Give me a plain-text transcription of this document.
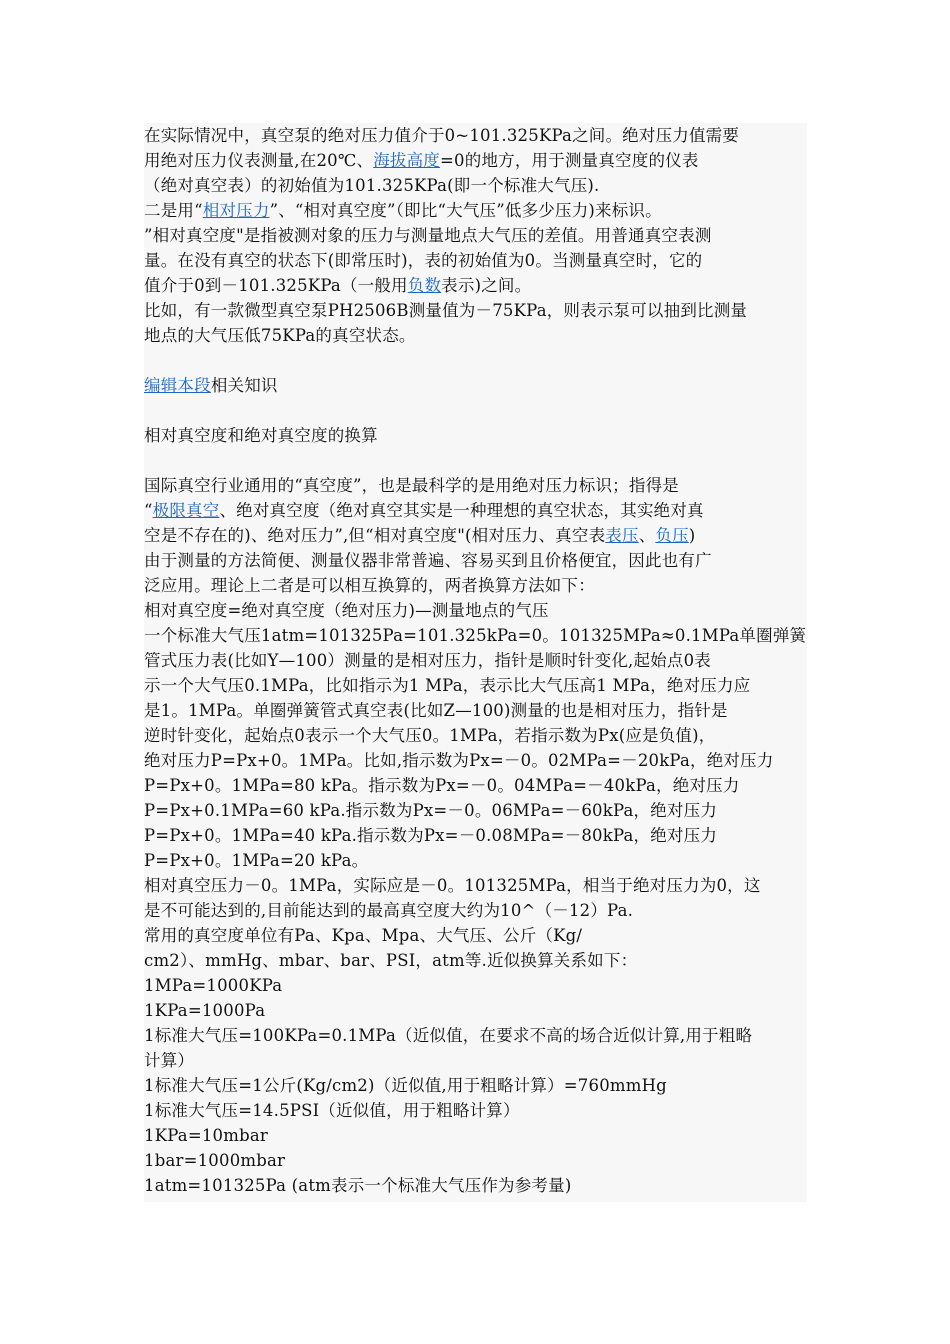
在实际情况中，真空泵的绝对压力值介于0~101.325KPa之间。绝对压力值需要
用绝对压力仪表测量,在20℃、海拔高度=0的地方，用于测量真空度的仪表
（绝对真空表）的初始值为101.325KPa(即一个标准大气压).
二是用“相对压力”、“相对真空度”（即比“大气压”低多少压力)来标识。
”相对真空度"是指被测对象的压力与测量地点大气压的差值。用普通真空表测
量。在没有真空的状态下(即常压时)，表的初始值为0。当测量真空时，它的
值介于0到－101.325KPa（一般用负数表示)之间。
比如，有一款微型真空泵PH2506B测量值为－75KPa，则表示泵可以抽到比测量
地点的大气压低75KPa的真空状态。
编辑本段相关知识
相对真空度和绝对真空度的换算
国际真空行业通用的“真空度”，也是最科学的是用绝对压力标识；指得是
“极限真空、绝对真空度（绝对真空其实是一种理想的真空状态，其实绝对真
空是不存在的)、绝对压力”,但“相对真空度"(相对压力、真空表表压、负压)
由于测量的方法简便、测量仪器非常普遍、容易买到且价格便宜，因此也有广
泛应用。理论上二者是可以相互换算的，两者换算方法如下：
相对真空度=绝对真空度（绝对压力)—测量地点的气压
一个标准大气压1atm=101325Pa=101.325kPa=0。101325MPa≈0.1MPa单圈弹簧
管式压力表(比如Y—100）测量的是相对压力，指针是顺时针变化,起始点0表
示一个大气压0.1MPa，比如指示为1 MPa，表示比大气压高1 MPa，绝对压力应
是1。1MPa。单圈弹簧管式真空表(比如Z—100)测量的也是相对压力，指针是
逆时针变化，起始点0表示一个大气压0。1MPa，若指示数为Px(应是负值)，
绝对压力P=Px+0。1MPa。比如,指示数为Px=－0。02MPa=－20kPa，绝对压力
P=Px+0。1MPa=80 kPa。指示数为Px=－0。04MPa=－40kPa，绝对压力
P=Px+0.1MPa=60 kPa.指示数为Px=－0。06MPa=－60kPa，绝对压力
P=Px+0。1MPa=40 kPa.指示数为Px=－0.08MPa=－80kPa，绝对压力
P=Px+0。1MPa=20 kPa。
相对真空压力－0。1MPa，实际应是－0。101325MPa，相当于绝对压力为0，这
是不可能达到的,目前能达到的最高真空度大约为10^（－12）Pa.
常用的真空度单位有Pa、Kpa、Mpa、大气压、公斤（Kg/
cm2）、mmHg、mbar、bar、PSI，atm等.近似换算关系如下：
1MPa=1000KPa
1KPa=1000Pa
1标准大气压=100KPa=0.1MPa（近似值，在要求不高的场合近似计算,用于粗略
计算）
1标准大气压=1公斤(Kg/cm2)（近似值,用于粗略计算）=760mmHg
1标准大气压=14.5PSI（近似值，用于粗略计算）
1KPa=10mbar
1bar=1000mbar
1atm=101325Pa (atm表示一个标准大气压作为参考量)
